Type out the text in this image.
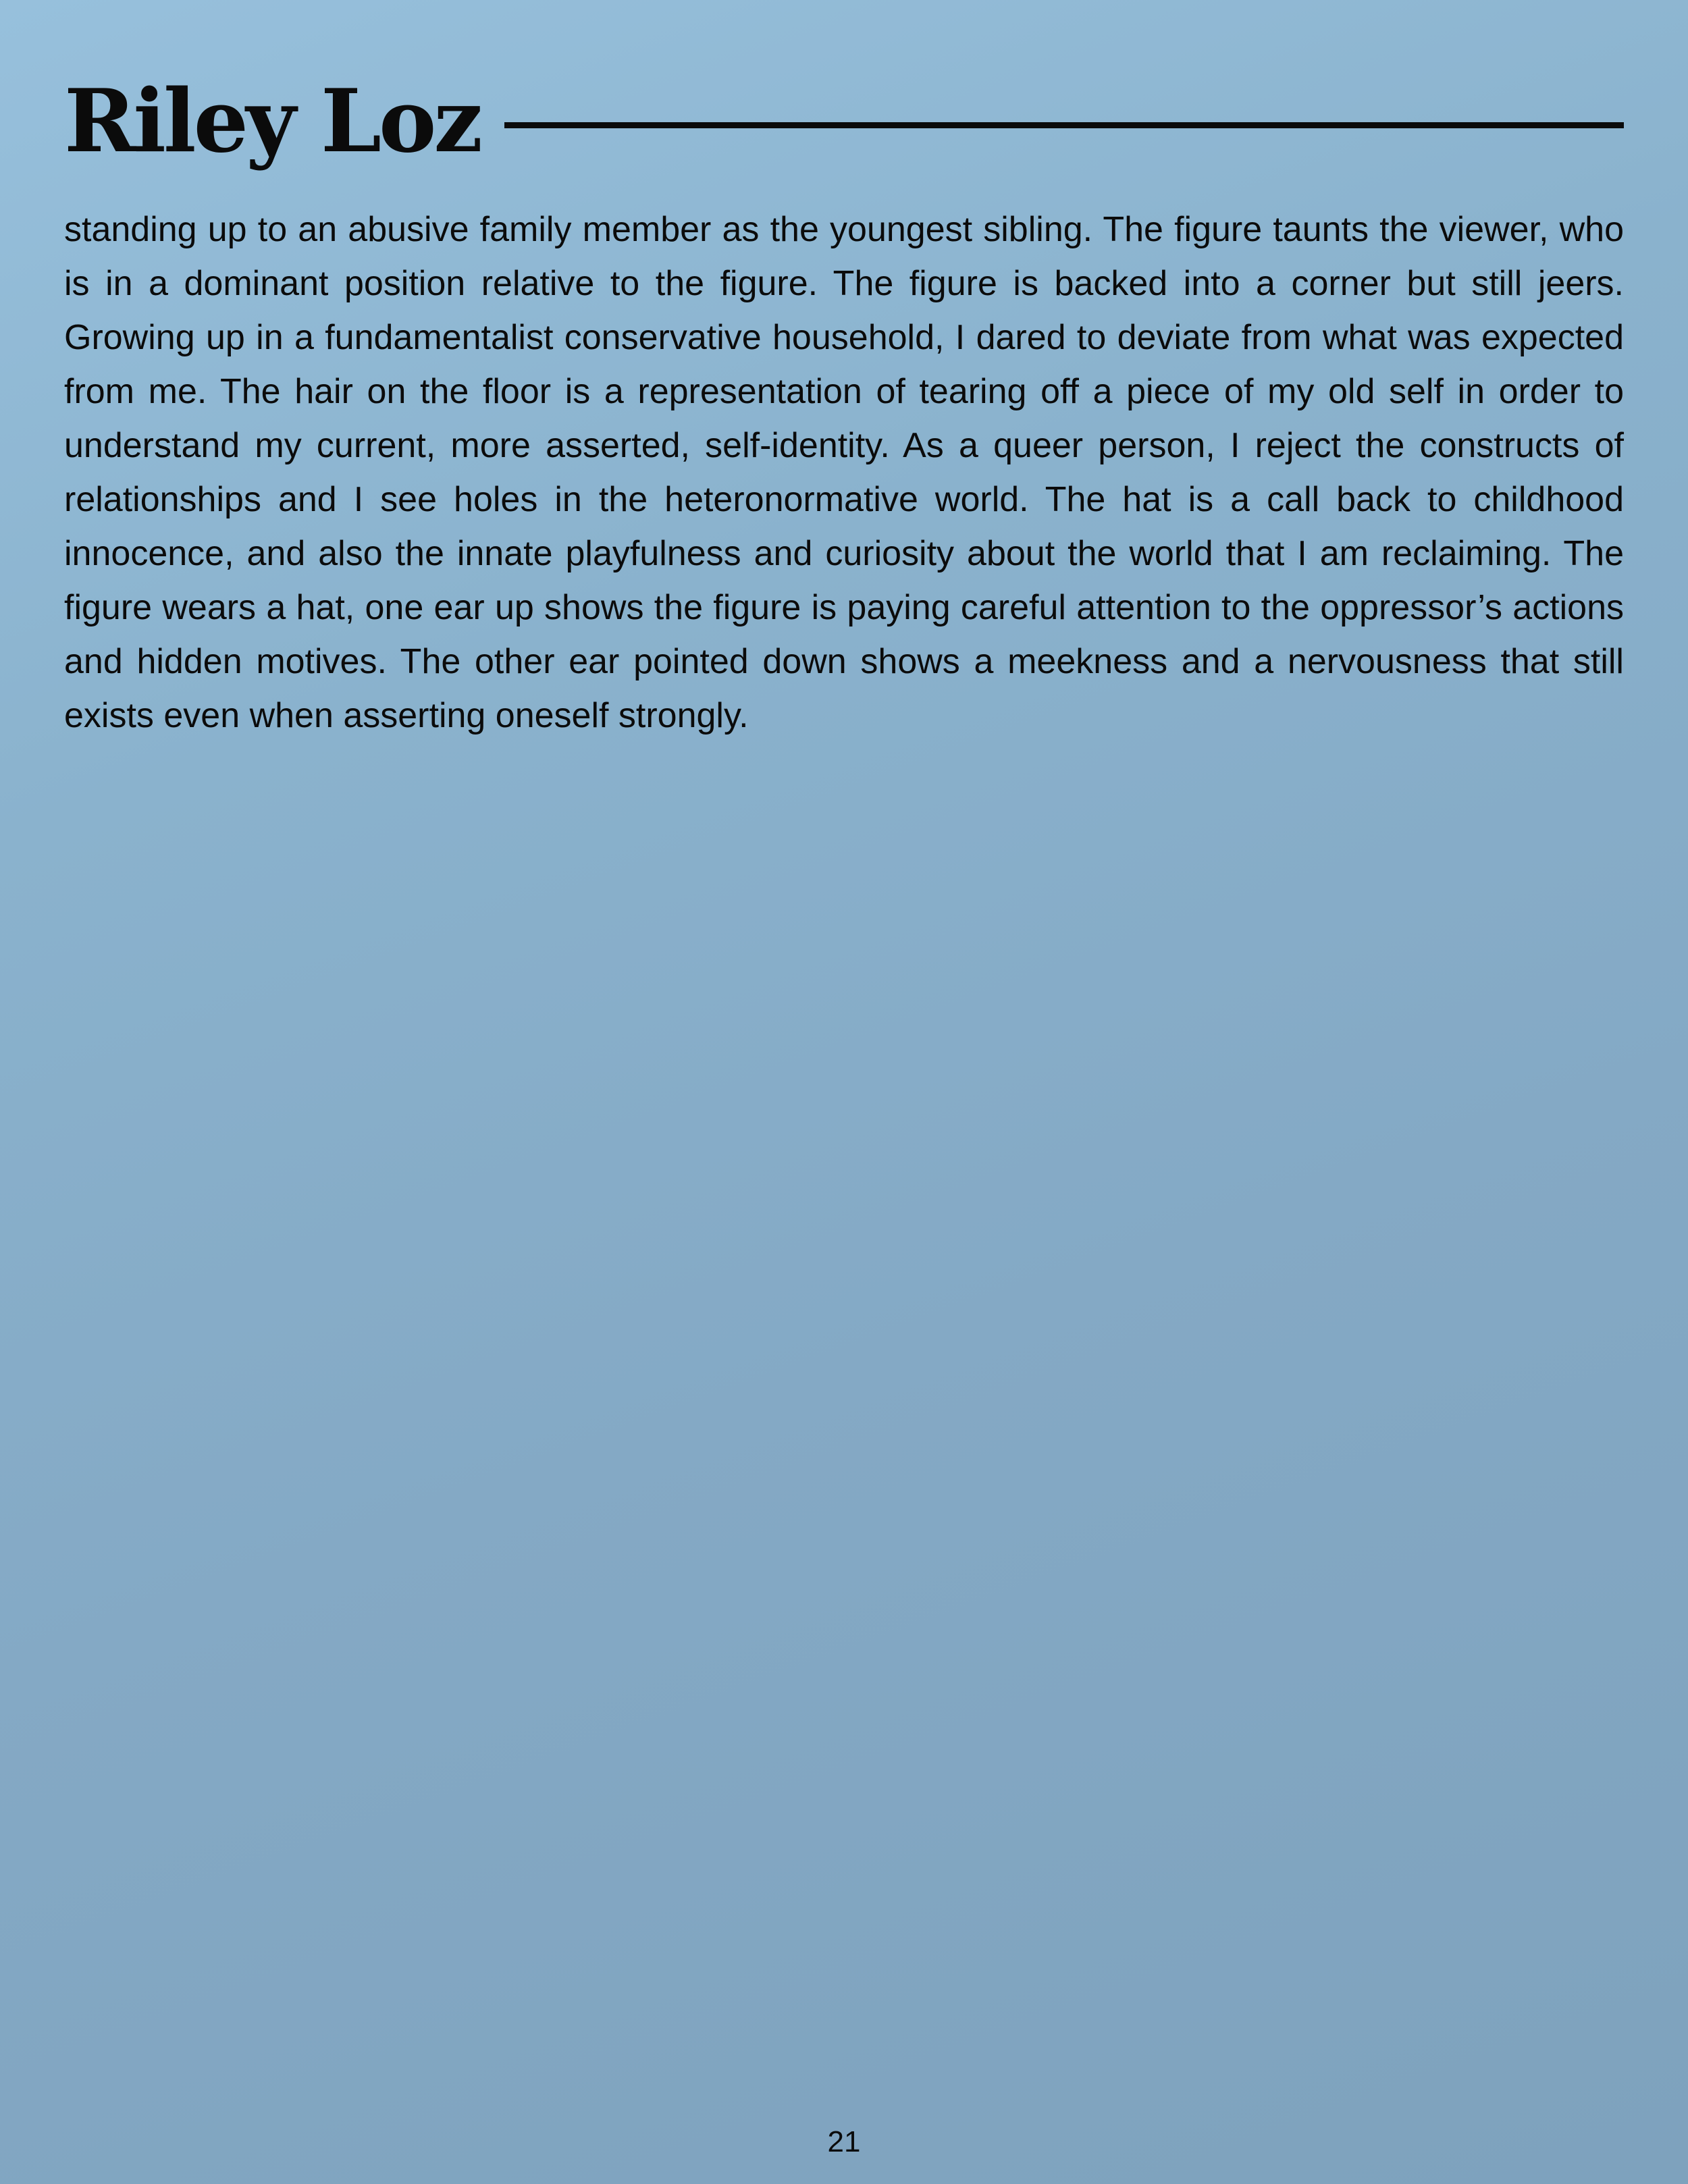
Riley Loz

standing up to an abusive family member as the youngest sibling. The figure taunts the viewer, who is in a dominant position relative to the figure. The figure is backed into a corner but still jeers. Growing up in a fundamentalist conservative household, I dared to deviate from what was expected from me. The hair on the floor is a representation of tearing off a piece of my old self in order to understand my current, more asserted, self-identity. As a queer person, I reject the constructs of relationships and I see holes in the heteronormative world. The hat is a call back to childhood innocence, and also the innate playfulness and curiosity about the world that I am reclaiming. The figure wears a hat, one ear up shows the figure is paying careful attention to the oppressor’s actions and hidden motives. The other ear pointed down shows a meekness and a nervousness that still exists even when asserting oneself strongly.

21
